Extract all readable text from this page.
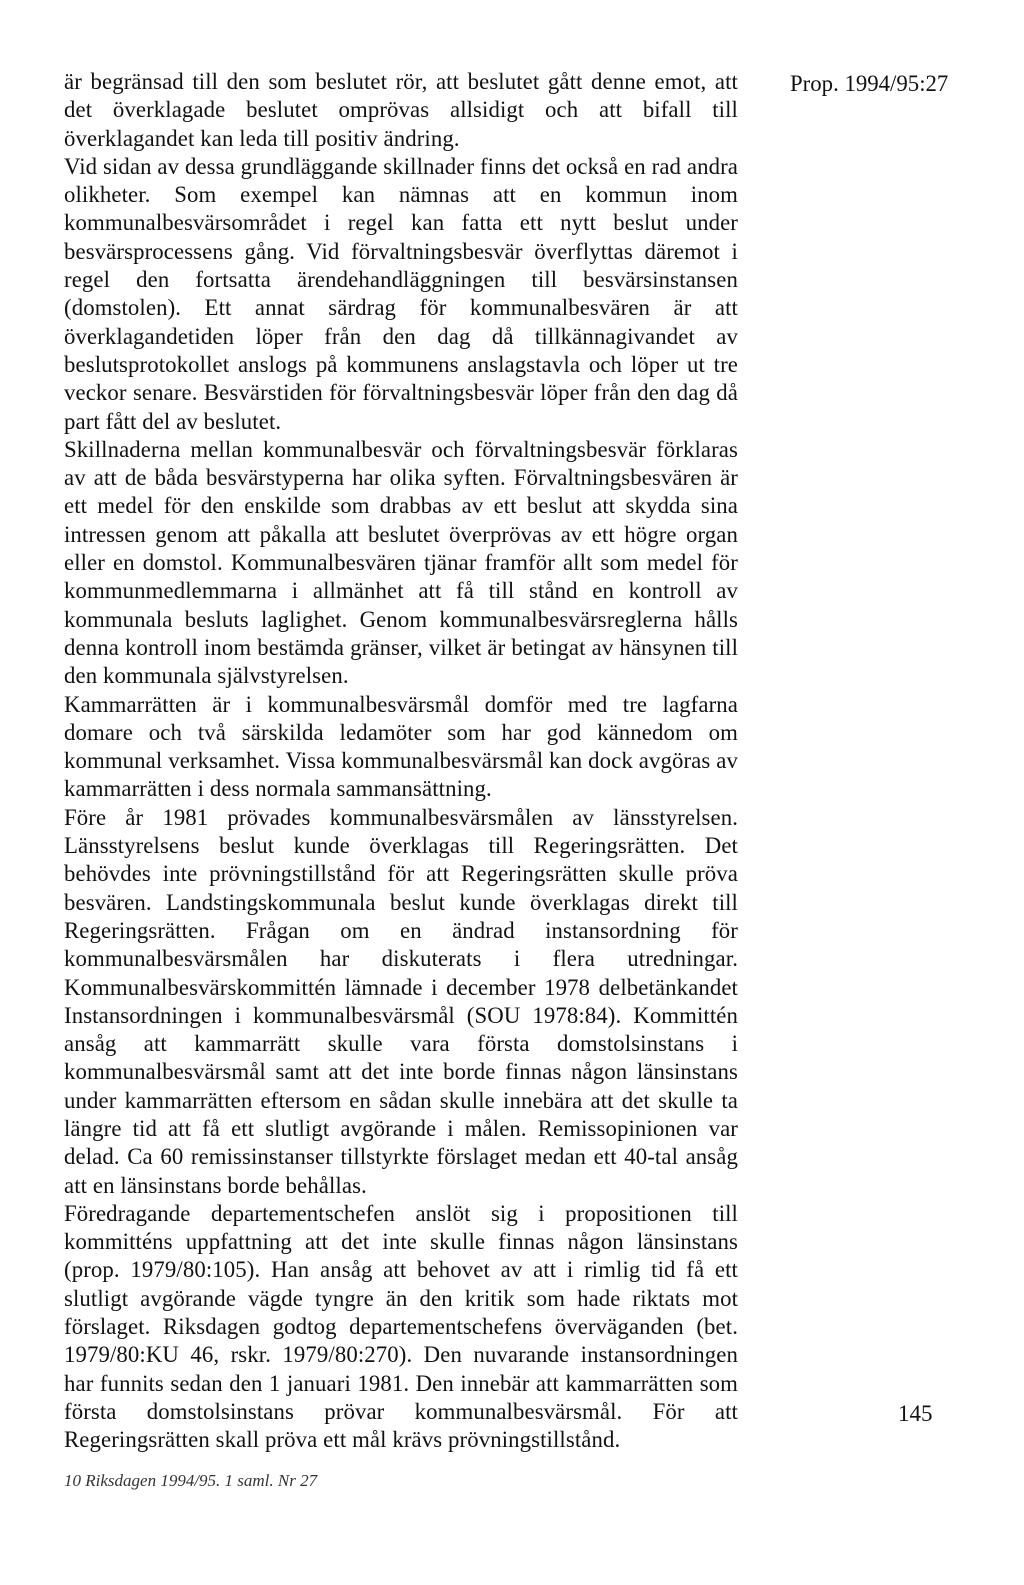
är begränsad till den som beslutet rör, att beslutet gått denne emot, att det överklagade beslutet omprövas allsidigt och att bifall till överklagandet kan leda till positiv ändring.

Vid sidan av dessa grundläggande skillnader finns det också en rad andra olikheter. Som exempel kan nämnas att en kommun inom kommunalbesvärsområdet i regel kan fatta ett nytt beslut under besvärsprocessens gång. Vid förvaltningsbesvär överflyttas däremot i regel den fortsatta ärendehandläggningen till besvärsinstansen (domstolen). Ett annat särdrag för kommunalbesvären är att överklagandetiden löper från den dag då tillkännagivandet av beslutsprotokollet anslogs på kommunens anslagstavla och löper ut tre veckor senare. Besvärstiden för förvaltningsbesvär löper från den dag då part fått del av beslutet.

Skillnaderna mellan kommunalbesvär och förvaltningsbesvär förklaras av att de båda besvärstyperna har olika syften. Förvaltningsbesvären är ett medel för den enskilde som drabbas av ett beslut att skydda sina intressen genom att påkalla att beslutet överprövas av ett högre organ eller en domstol. Kommunalbesvären tjänar framför allt som medel för kommunmedlemmarna i allmänhet att få till stånd en kontroll av kommunala besluts laglighet. Genom kommunalbesvärsreglerna hålls denna kontroll inom bestämda gränser, vilket är betingat av hänsynen till den kommunala självstyrelsen.

Kammarrätten är i kommunalbesvärsmål domför med tre lagfarna domare och två särskilda ledamöter som har god kännedom om kommunal verksamhet. Vissa kommunalbesvärsmål kan dock avgöras av kammarrätten i dess normala sammansättning.

Före år 1981 prövades kommunalbesvärsmålen av länsstyrelsen. Länsstyrelsens beslut kunde överklagas till Regeringsrätten. Det behövdes inte prövningstillstånd för att Regeringsrätten skulle pröva besvären. Landstingskommunala beslut kunde överklagas direkt till Regeringsrätten. Frågan om en ändrad instansordning för kommunalbesvärsmålen har diskuterats i flera utredningar. Kommunalbesvärskommittén lämnade i december 1978 delbetänkandet Instansordningen i kommunalbesvärsmål (SOU 1978:84). Kommittén ansåg att kammarrätt skulle vara första domstolsinstans i kommunalbesvärsmål samt att det inte borde finnas någon länsinstans under kammarrätten eftersom en sådan skulle innebära att det skulle ta längre tid att få ett slutligt avgörande i målen. Remissopinionen var delad. Ca 60 remissinstanser tillstyrkte förslaget medan ett 40-tal ansåg att en länsinstans borde behållas.

Föredragande departementschefen anslöt sig i propositionen till kommitténs uppfattning att det inte skulle finnas någon länsinstans (prop. 1979/80:105). Han ansåg att behovet av att i rimlig tid få ett slutligt avgörande vägde tyngre än den kritik som hade riktats mot förslaget. Riksdagen godtog departementschefens överväganden (bet. 1979/80:KU 46, rskr. 1979/80:270). Den nuvarande instansordningen har funnits sedan den 1 januari 1981. Den innebär att kammarrätten som första domstolsinstans prövar kommunalbesvärsmål. För att Regeringsrätten skall pröva ett mål krävs prövningstillstånd.

Prop. 1994/95:27
145
10 Riksdagen 1994/95. 1 saml. Nr 27
